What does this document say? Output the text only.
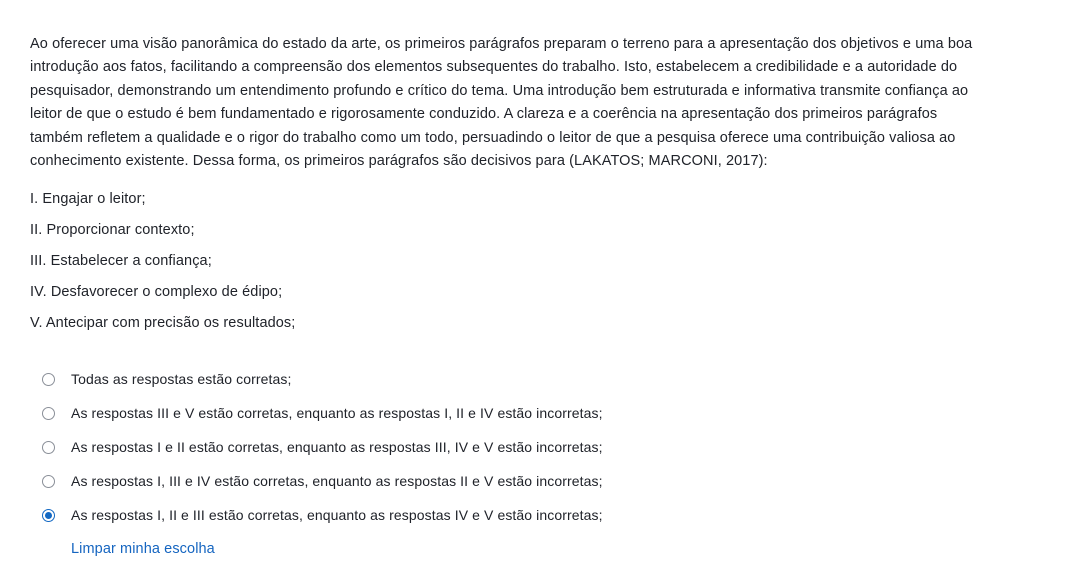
Ao oferecer uma visão panorâmica do estado da arte, os primeiros parágrafos preparam o terreno para a apresentação dos objetivos e uma boa introdução aos fatos, facilitando a compreensão dos elementos subsequentes do trabalho. Isto, estabelecem a credibilidade e a autoridade do pesquisador, demonstrando um entendimento profundo e crítico do tema. Uma introdução bem estruturada e informativa transmite confiança ao leitor de que o estudo é bem fundamentado e rigorosamente conduzido. A clareza e a coerência na apresentação dos primeiros parágrafos também refletem a qualidade e o rigor do trabalho como um todo, persuadindo o leitor de que a pesquisa oferece uma contribuição valiosa ao conhecimento existente. Dessa forma, os primeiros parágrafos são decisivos para (LAKATOS; MARCONI, 2017):

I. Engajar o leitor;
II. Proporcionar contexto;
III. Estabelecer a confiança;
IV. Desfavorecer o complexo de édipo;
V. Antecipar com precisão os resultados;
Todas as respostas estão corretas;
As respostas III e V estão corretas, enquanto as respostas I, II e IV estão incorretas;
As respostas I e II estão corretas, enquanto as respostas III, IV e V estão incorretas;
As respostas I, III e IV estão corretas, enquanto as respostas II e V estão incorretas;
As respostas I, II e III estão corretas, enquanto as respostas IV e V estão incorretas;
Limpar minha escolha
